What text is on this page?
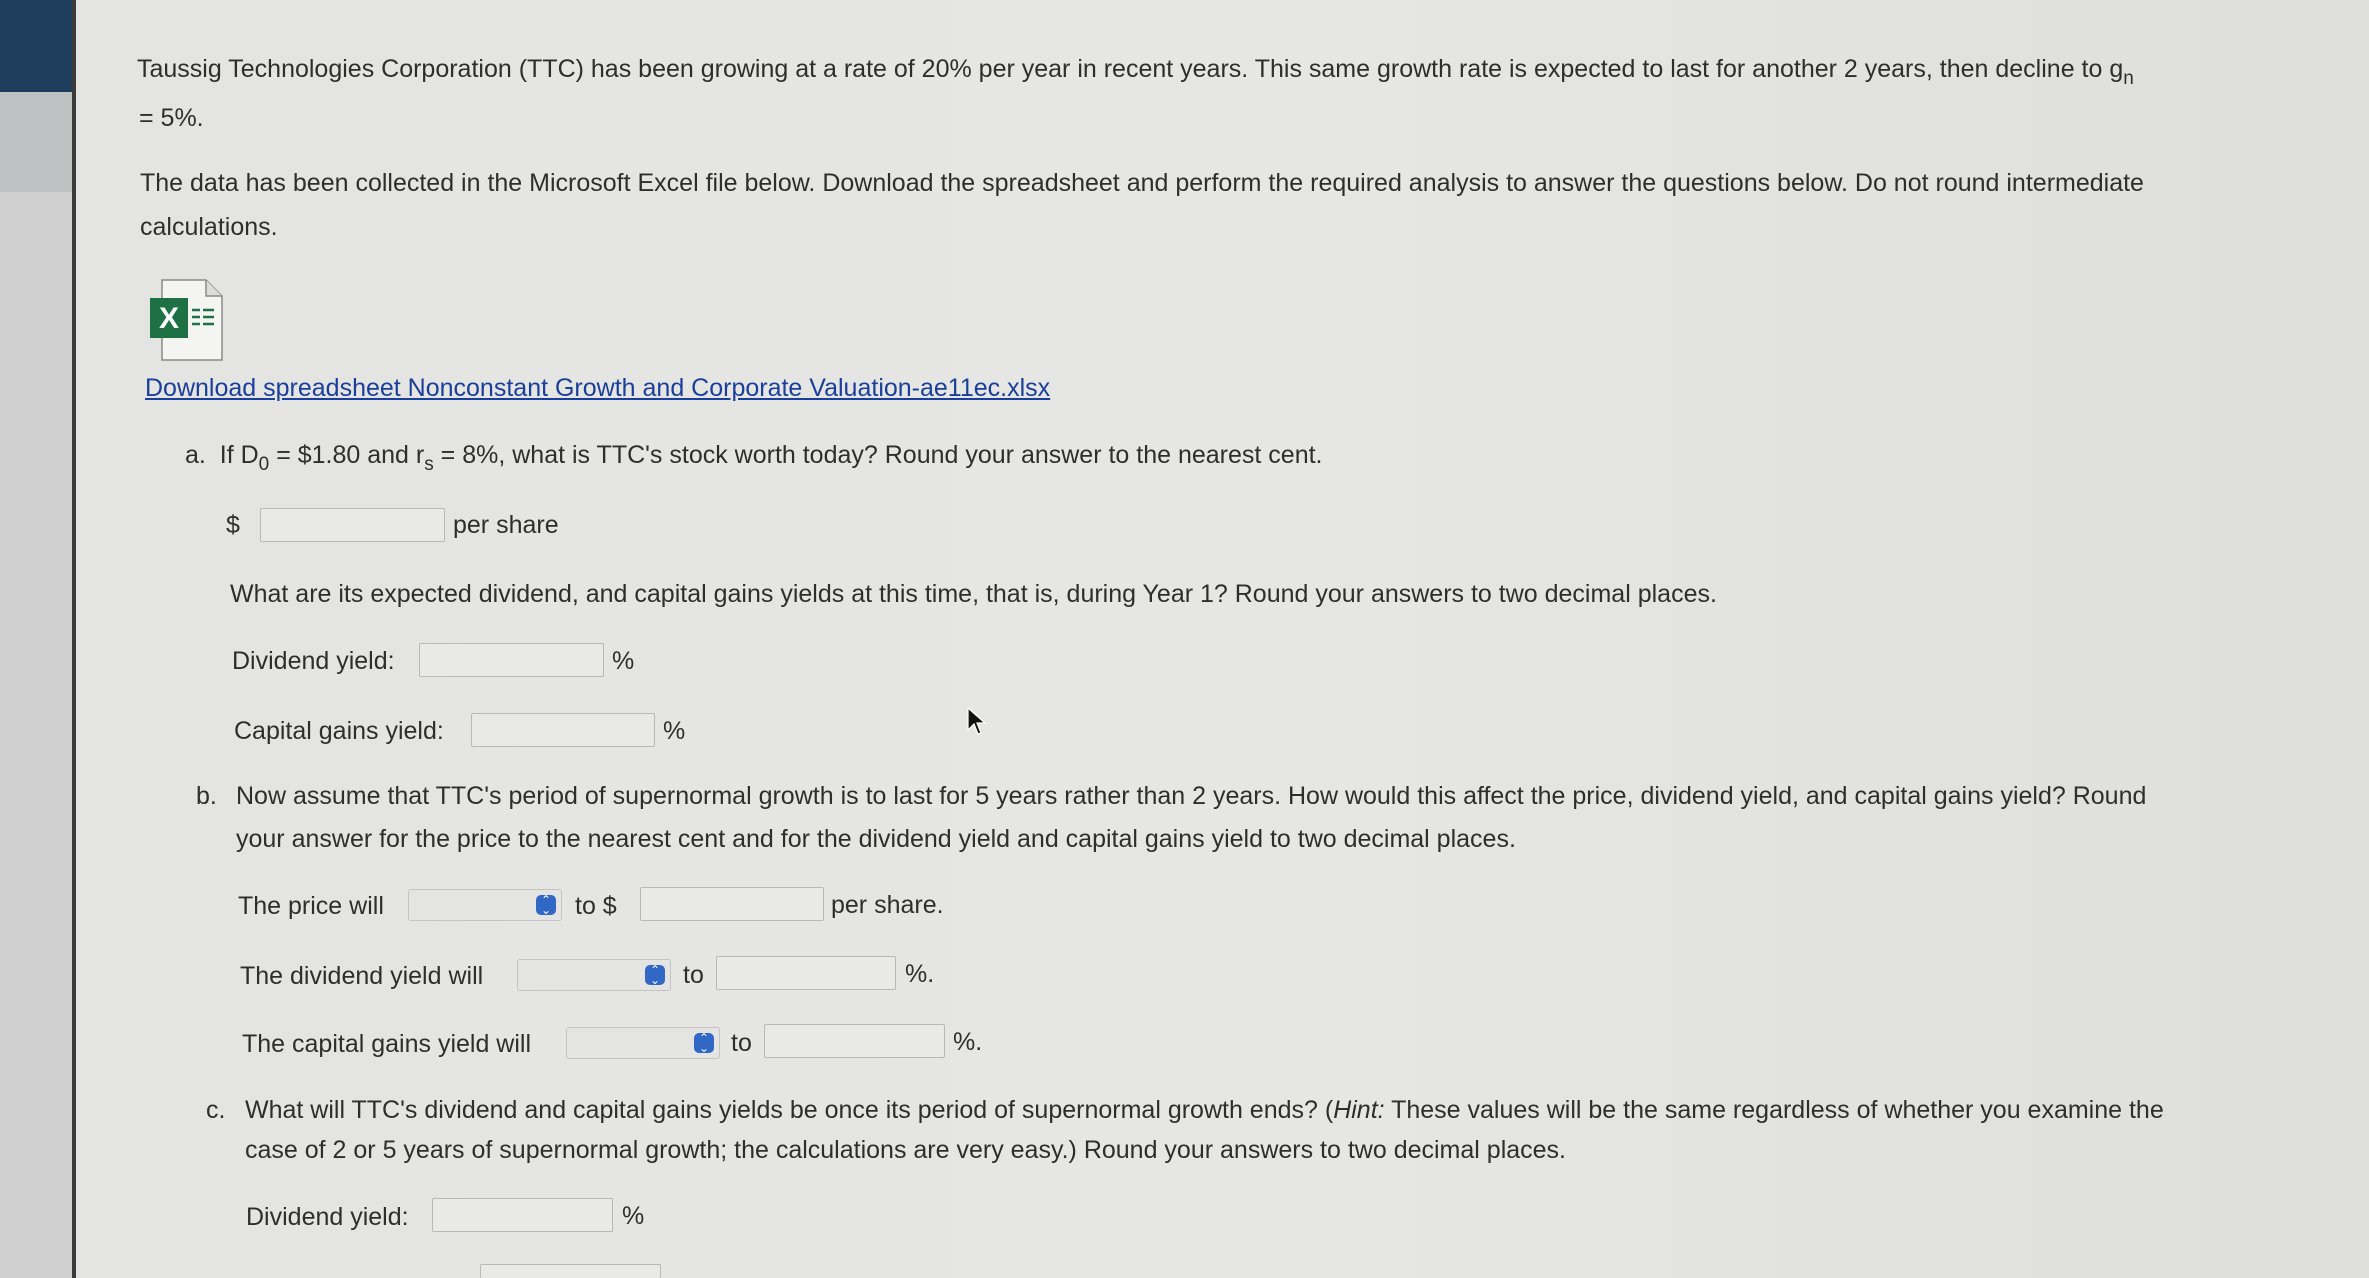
Taussig Technologies Corporation (TTC) has been growing at a rate of 20% per year in recent years. This same growth rate is expected to last for another 2 years, then decline to $g_n$
= 5%.
The data has been collected in the Microsoft Excel file below. Download the spreadsheet and perform the required analysis to answer the questions below. Do not round intermediate
calculations.
X
Download spreadsheet Nonconstant Growth and Corporate Valuation-ae11ec.xlsx
a. If $D_0$ = $1.80 and $r_s = 8\%$, what is TTC's stock worth today? Round your answer to the nearest cent.
$	per share
What are its expected dividend, and capital gains yields at this time, that is, during Year 1? Round your answers to two decimal places.
Dividend yield:	%
Capital gains yield:	%
b. Now assume that TTC's period of supernormal growth is to last for 5 years rather than 2 years. How would this affect the price, dividend yield, and capital gains yield? Round
your answer for the price to the nearest cent and for the dividend yield and capital gains yield to two decimal places.
The price will	⌃
⌄ to $	per share.
The dividend yield will	⌃
⌄ to	%.
The capital gains yield will	⌃
⌄ to	%.
c. What will TTC's dividend and capital gains yields be once its period of supernormal growth ends? (Hint: These values will be the same regardless of whether you examine the
case of 2 or 5 years of supernormal growth; the calculations are very easy.) Round your answers to two decimal places.
Dividend yield:	%
